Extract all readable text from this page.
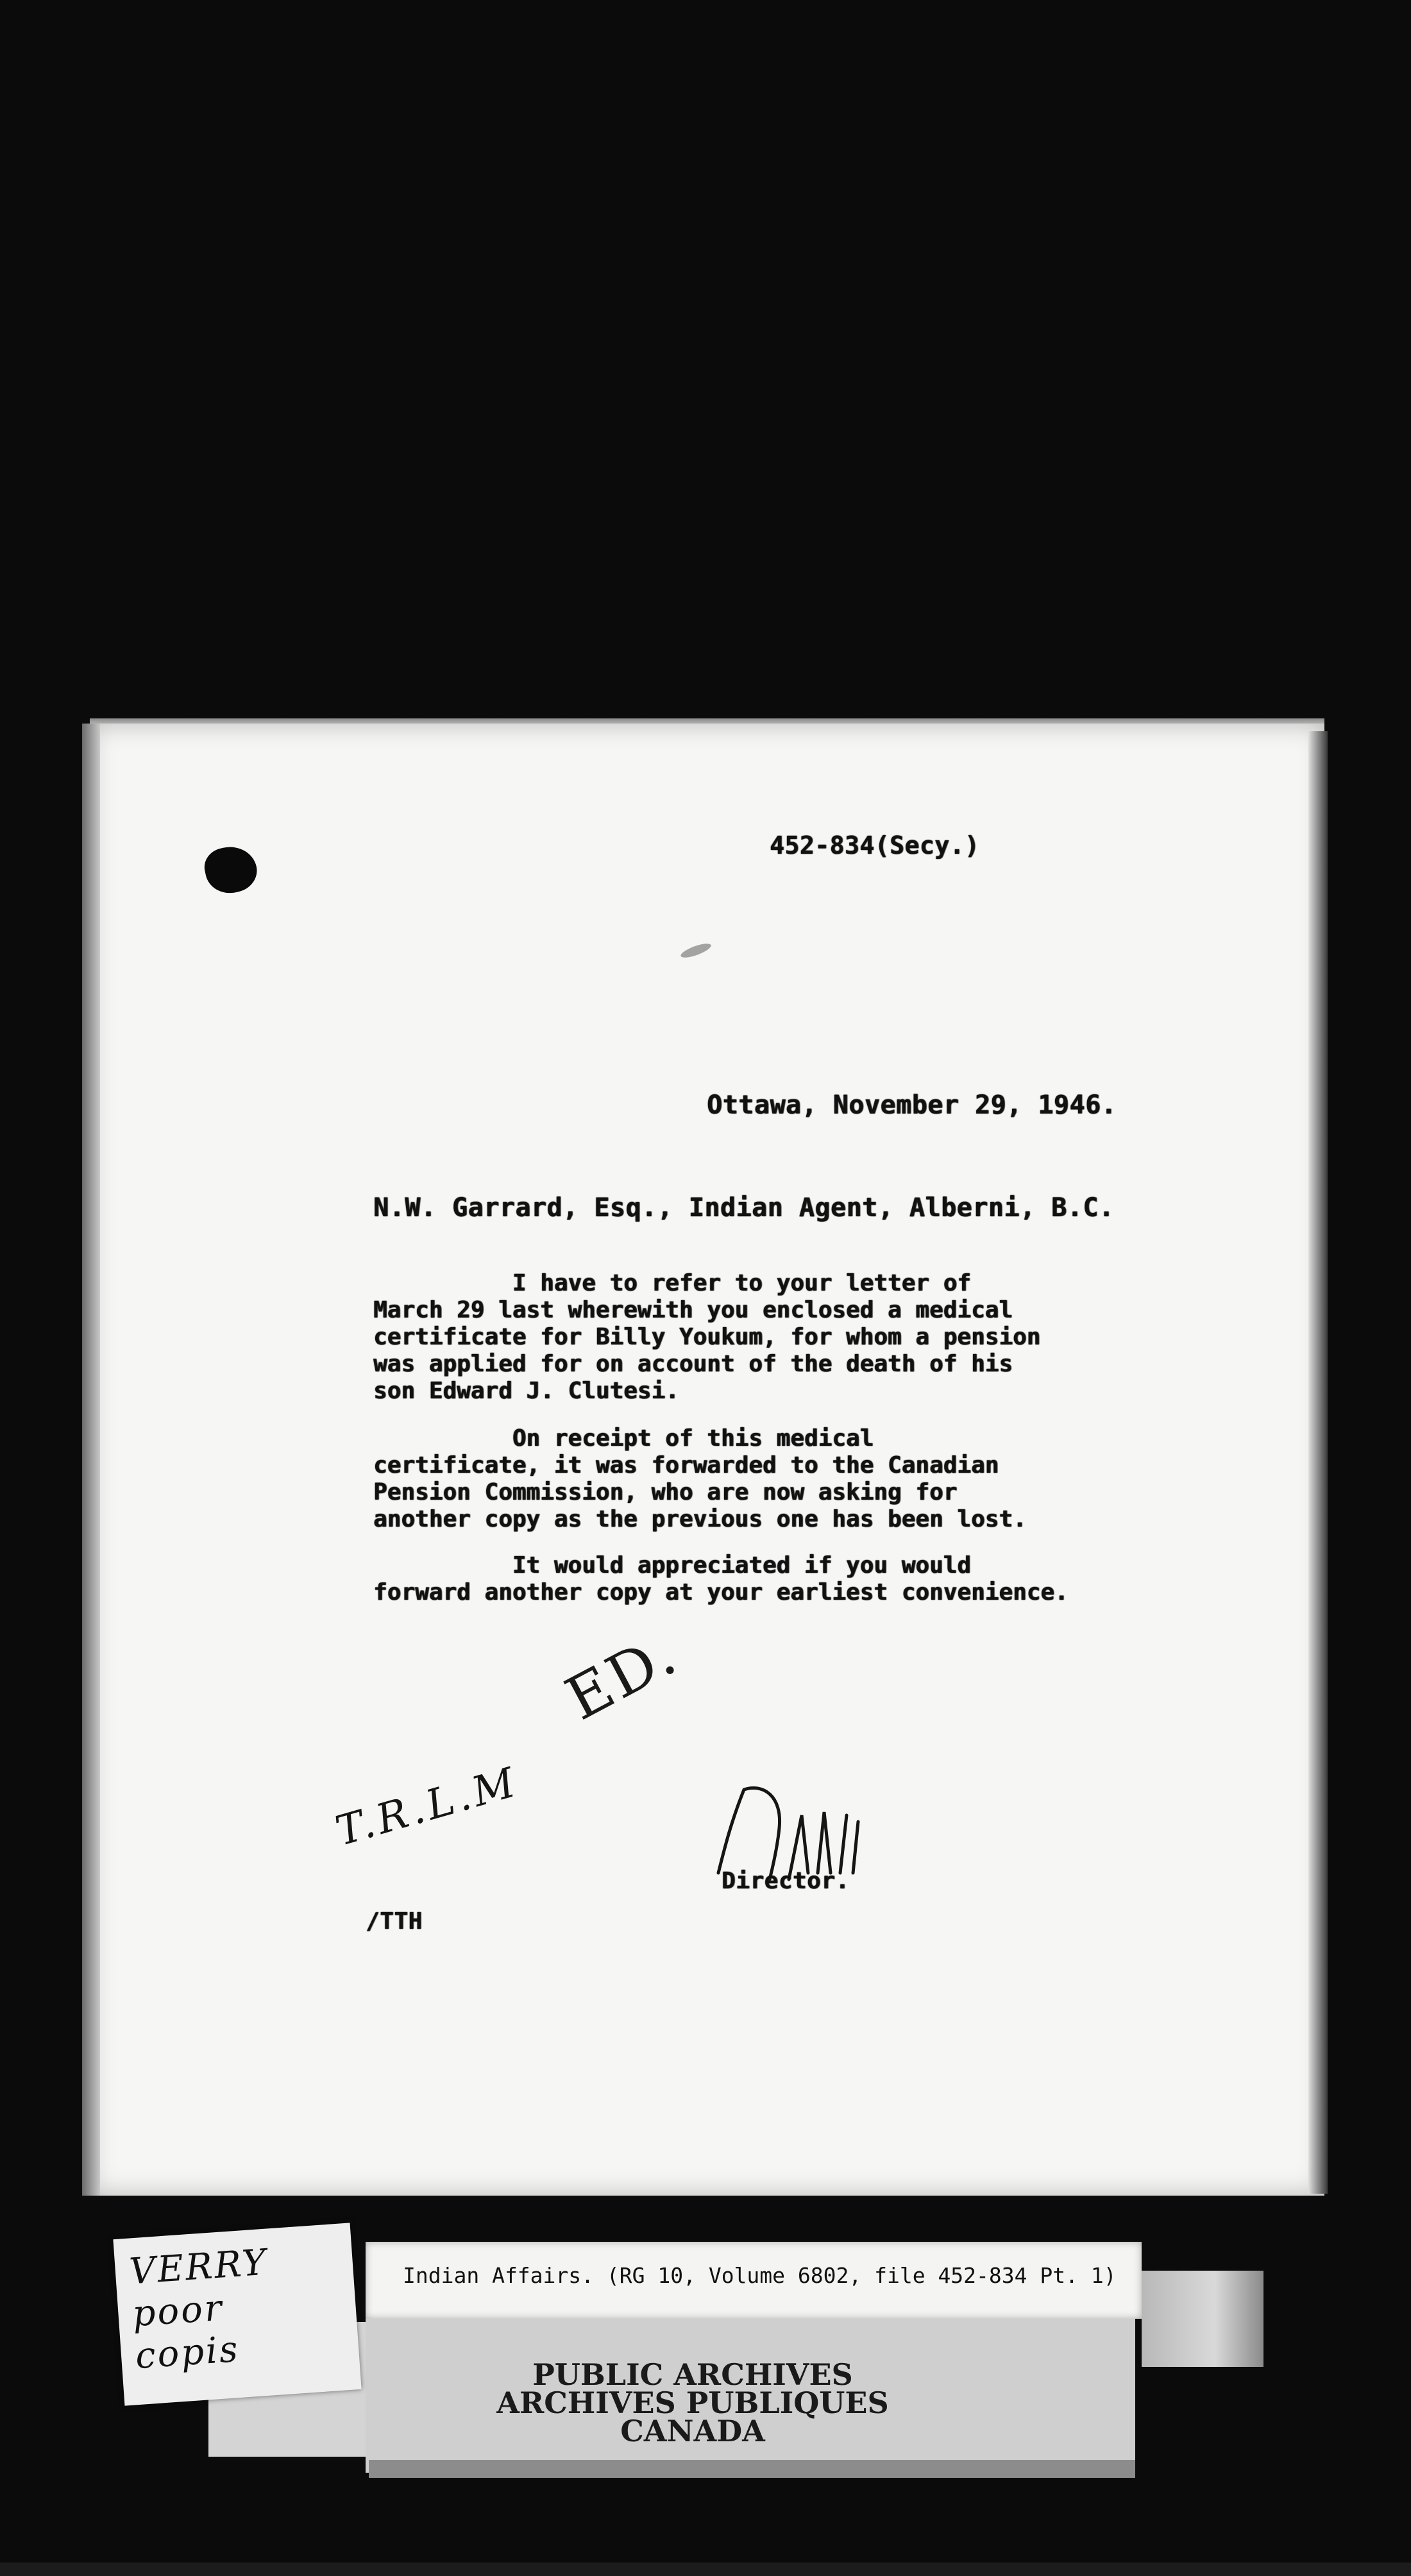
452-834(Secy.)
Ottawa, November 29, 1946.
N.W. Garrard, Esq., Indian Agent, Alberni, B.C.
I have to refer to your letter of
March 29 last wherewith you enclosed a medical
certificate for Billy Youkum, for whom a pension
was applied for on account of the death of his
son Edward J. Clutesi.
On receipt of this medical
certificate, it was forwarded to the Canadian
Pension Commission, who are now asking for
another copy as the previous one has been lost.
It would appreciated if you would
forward another copy at your earliest convenience.
ED.
T.R.L.M
Director.
/TTH
Indian Affairs. (RG 10, Volume 6802, file 452-834 Pt. 1)
PUBLIC ARCHIVES
ARCHIVES PUBLIQUES
CANADA
VERRY
poor
copis
